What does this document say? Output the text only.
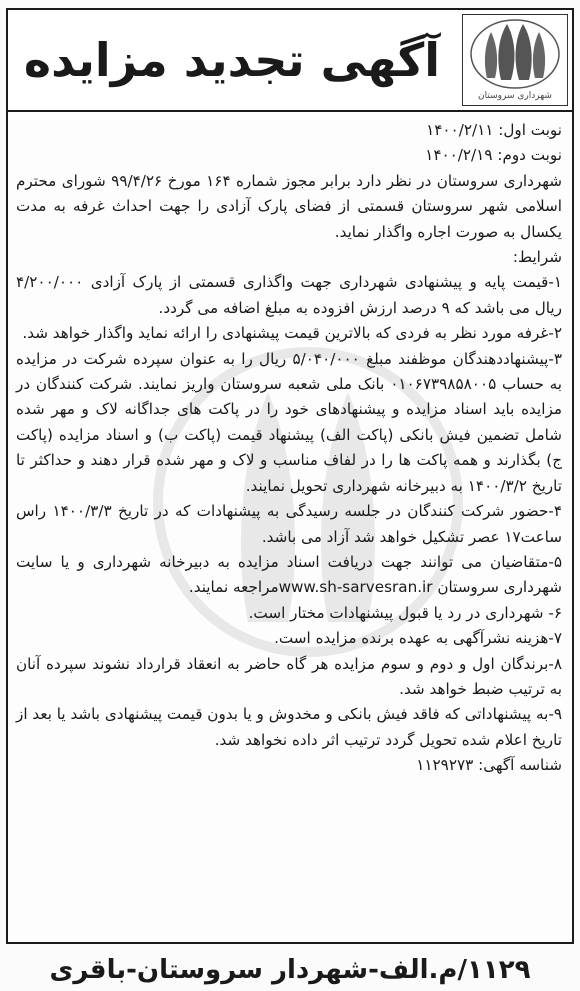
شهرداری سروستان
آگهی تجدید مزایده

نوبت اول: ۱۴۰۰/۲/۱۱

نوبت دوم: ۱۴۰۰/۲/۱۹

شهرداری سروستان در نظر دارد برابر مجوز شماره ۱۶۴ مورخ ۹۹/۴/۲۶ شورای محترم اسلامی شهر سروستان قسمتی از فضای پارک آزادی را جهت احداث غرفه به مدت یکسال به صورت اجاره واگذار نماید.

شرایط:

۱-قیمت پایه و پیشنهادی شهرداری جهت واگذاری قسمتی از پارک آزادی ۴/۲۰۰/۰۰۰ ریال می باشد که ۹ درصد ارزش افزوده به مبلغ اضافه می گردد.

۲-غرفه مورد نظر به فردی که بالاترین قیمت پیشنهادی را ارائه نماید واگذار خواهد شد.

۳-پیشنهاددهندگان موظفند مبلغ ۵/۰۴۰/۰۰۰ ریال را به عنوان سپرده شرکت در مزایده به حساب ۰۱۰۶۷۳۹۸۵۸۰۰۵ بانک ملی شعبه سروستان واریز نمایند. شرکت کنندگان در مزایده باید اسناد مزایده و پیشنهادهای خود را در پاکت های جداگانه لاک و مهر شده شامل تضمین فیش بانکی (پاکت الف) پیشنهاد قیمت (پاکت ب) و اسناد مزایده (پاکت ج) بگذارند و همه پاکت ها را در لفاف مناسب و لاک و مهر شده قرار دهند و حداکثر تا تاریخ ۱۴۰۰/۳/۲ به دبیرخانه شهرداری تحویل نمایند.

۴-حضور شرکت کنندگان در جلسه رسیدگی به پیشنهادات که در تاریخ ۱۴۰۰/۳/۳ راس ساعت۱۷ عصر تشکیل خواهد شد آزاد می باشد.

۵-متقاضیان می توانند جهت دریافت اسناد مزایده به دبیرخانه شهرداری و یا سایت شهرداری سروستان www.sh-sarvesran.irمراجعه نمایند.

۶- شهرداری در رد یا قبول پیشنهادات مختار است.

۷-هزینه نشرآگهی به عهده برنده مزایده است.

۸-برندگان اول و دوم و سوم مزایده هر گاه حاضر به انعقاد قرارداد نشوند سپرده آنان به ترتیب ضبط خواهد شد.

۹-به پیشنهاداتی که فاقد فیش بانکی و مخدوش و یا بدون قیمت پیشنهادی باشد یا بعد از تاریخ اعلام شده تحویل گردد ترتیب اثر داده نخواهد شد.

شناسه آگهی: ۱۱۲۹۲۷۳

۱۱۲۹/م.الف-شهردار سروستان-باقری
